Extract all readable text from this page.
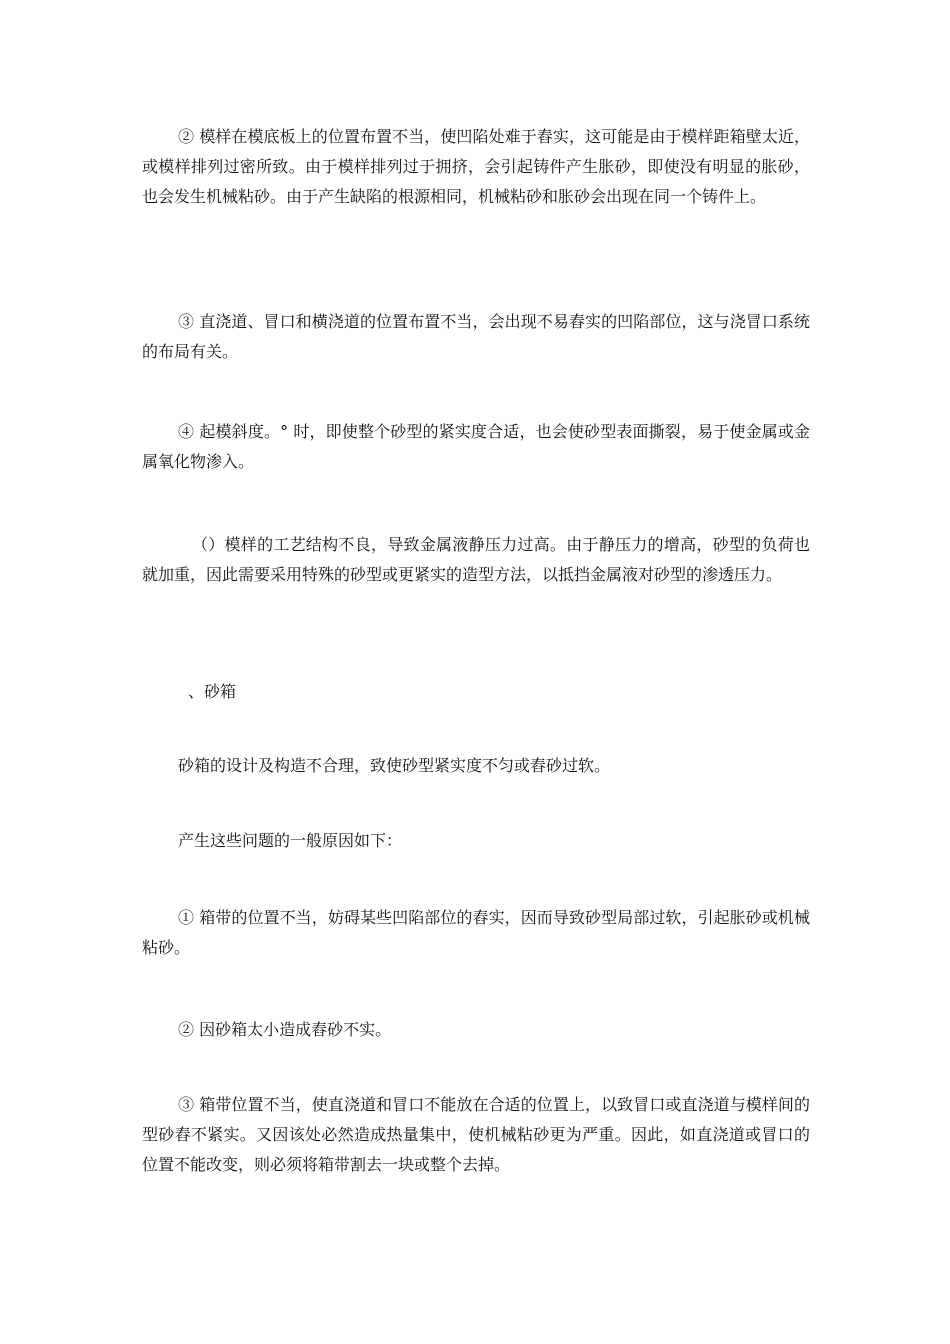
② 模样在模底板上的位置布置不当，使凹陷处难于舂实，这可能是由于模样距箱壁太近，或模样排列过密所致。由于模样排列过于拥挤，会引起铸件产生胀砂，即使没有明显的胀砂，也会发生机械粘砂。由于产生缺陷的根源相同，机械粘砂和胀砂会出现在同一个铸件上。

③ 直浇道、冒口和横浇道的位置布置不当，会出现不易舂实的凹陷部位，这与浇冒口系统的布局有关。

④ 起模斜度。° 时，即使整个砂型的紧实度合适，也会使砂型表面撕裂，易于使金属或金属氧化物渗入。

（）模样的工艺结构不良，导致金属液静压力过高。由于静压力的增高，砂型的负荷也就加重，因此需要采用特殊的砂型或更紧实的造型方法，以抵挡金属液对砂型的渗透压力。

、砂箱

砂箱的设计及构造不合理，致使砂型紧实度不匀或舂砂过软。

产生这些问题的一般原因如下：

① 箱带的位置不当，妨碍某些凹陷部位的舂实，因而导致砂型局部过软，引起胀砂或机械粘砂。

② 因砂箱太小造成舂砂不实。

③ 箱带位置不当，使直浇道和冒口不能放在合适的位置上，以致冒口或直浇道与模样间的型砂舂不紧实。又因该处必然造成热量集中，使机械粘砂更为严重。因此，如直浇道或冒口的位置不能改变，则必须将箱带割去一块或整个去掉。
